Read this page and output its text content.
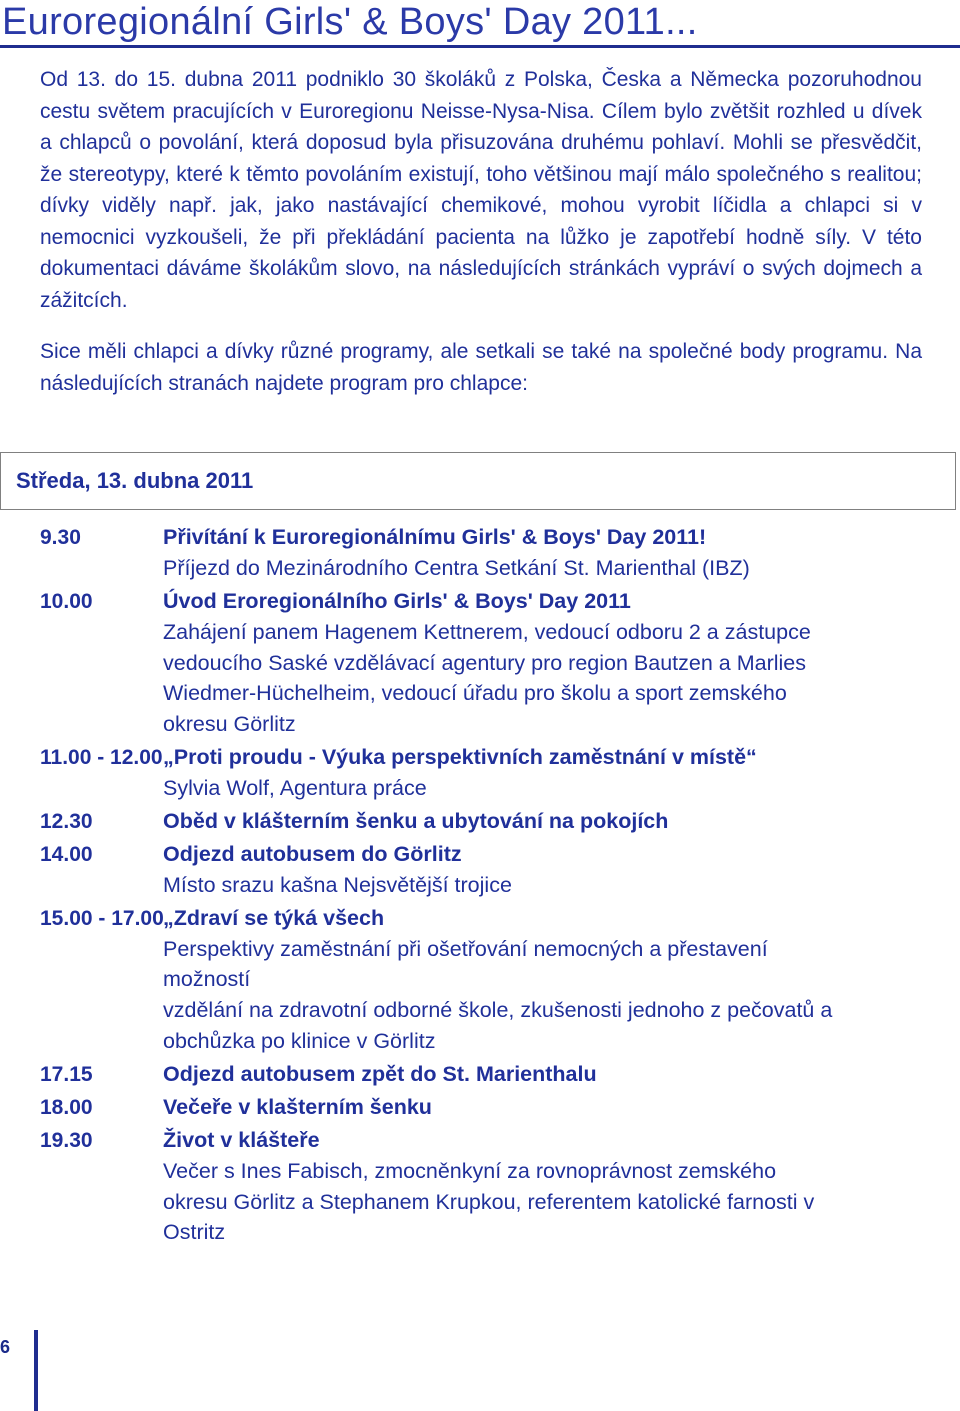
Euroregionální Girls' & Boys' Day 2011...

Od 13. do 15. dubna 2011 podniklo 30 školáků z Polska, Česka a Německa pozoruhodnou cestu světem pracujících v Euroregionu Neisse-Nysa-Nisa. Cílem bylo zvětšit rozhled u dívek a chlapců o povolání, která doposud byla přisuzována druhému pohlaví. Mohli se přesvědčit, že stereotypy, které k těmto povoláním existují, toho většinou mají málo společného s realitou; dívky viděly např. jak, jako nastávající chemikové, mohou vyrobit líčidla a chlapci si v nemocnici vyzkoušeli, že při překládání pacienta na lůžko je zapotřebí hodně síly. V této dokumentaci dáváme školákům slovo, na následujících stránkách vypráví o svých dojmech a zážitcích.

Sice měli chlapci a dívky různé programy, ale setkali se také na společné body programu. Na následujících stranách najdete program pro chlapce:

Středa, 13. dubna 2011
9.30	Přivítání k Euroregionálnímu Girls' & Boys' Day 2011!
Příjezd do Mezinárodního Centra Setkání St. Marienthal (IBZ)
10.00	Úvod Eroregionálního Girls' & Boys' Day 2011
Zahájení panem Hagenem Kettnerem, vedoucí odboru 2 a zástupce
vedoucího Saské vzdělávací agentury pro region Bautzen a Marlies
Wiedmer-Hüchelheim, vedoucí úřadu pro školu a sport zemského
okresu Görlitz
11.00 - 12.00 „Proti proudu - Výuka perspektivních zaměstnání v místě“
Sylvia Wolf, Agentura práce
12.30	Oběd v klášterním šenku a ubytování na pokojích
14.00	Odjezd autobusem do Görlitz
Místo srazu kašna Nejsvětější trojice
15.00 - 17.00 „Zdraví se týká všech
Perspektivy zaměstnání při ošetřování nemocných a přestavení
možností
vzdělání na zdravotní odborné škole, zkušenosti jednoho z pečovatů a
obchůzka po klinice v Görlitz
17.15	Odjezd autobusem zpět do St. Marienthalu
18.00	Večeře v klašterním šenku
19.30	Život v klášteře
Večer s Ines Fabisch, zmocněnkyní za rovnoprávnost zemského
okresu Görlitz a Stephanem Krupkou, referentem katolické farnosti v
Ostritz
6
